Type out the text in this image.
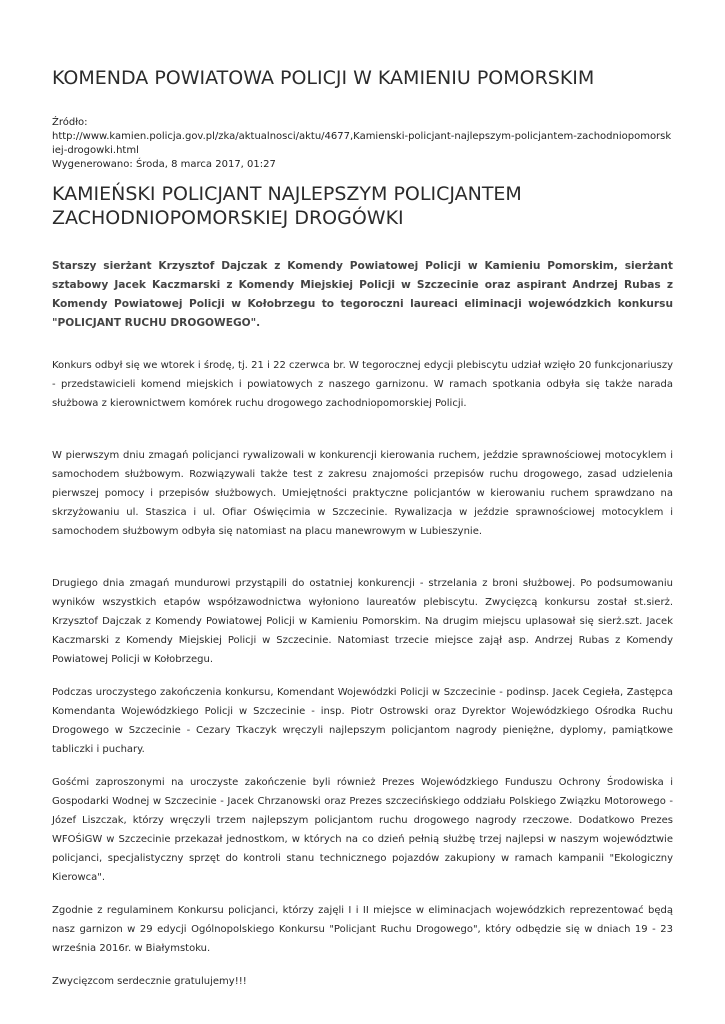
KOMENDA POWIATOWA POLICJI W KAMIENIU POMORSKIM
Źródło:
http://www.kamien.policja.gov.pl/zka/aktualnosci/aktu/4677,Kamienski-policjant-najlepszym-policjantem-zachodniopomorskiej-drogowki.html
Wygenerowano: Środa, 8 marca 2017, 01:27
KAMIEŃSKI POLICJANT NAJLEPSZYM POLICJANTEM ZACHODNIOPOMORSKIEJ DROGÓWKI

Starszy sierżant Krzysztof Dajczak z Komendy Powiatowej Policji w Kamieniu Pomorskim, sierżant sztabowy Jacek Kaczmarski z Komendy Miejskiej Policji w Szczecinie oraz aspirant Andrzej Rubas z Komendy Powiatowej Policji w Kołobrzegu to tegoroczni laureaci eliminacji wojewódzkich konkursu "POLICJANT RUCHU DROGOWEGO".

Konkurs odbył się we wtorek i środę, tj. 21 i 22 czerwca br. W tegorocznej edycji plebiscytu udział wzięło 20 funkcjonariuszy - przedstawicieli komend miejskich i powiatowych z naszego garnizonu. W ramach spotkania odbyła się także narada służbowa z kierownictwem komórek ruchu drogowego zachodniopomorskiej Policji.

W pierwszym dniu zmagań policjanci rywalizowali w konkurencji kierowania ruchem, jeździe sprawnościowej motocyklem i samochodem służbowym. Rozwiązywali także test z zakresu znajomości przepisów ruchu drogowego, zasad udzielenia pierwszej pomocy i przepisów służbowych. Umiejętności praktyczne policjantów w kierowaniu ruchem sprawdzano na skrzyżowaniu ul. Staszica i ul. Ofiar Oświęcimia w Szczecinie. Rywalizacja w jeździe sprawnościowej motocyklem i samochodem służbowym odbyła się natomiast na placu manewrowym w Lubieszynie.

Drugiego dnia zmagań mundurowi przystąpili do ostatniej konkurencji - strzelania z broni służbowej. Po podsumowaniu wyników wszystkich etapów współzawodnictwa wyłoniono laureatów plebiscytu. Zwycięzcą konkursu został st.sierż. Krzysztof Dajczak z Komendy Powiatowej Policji w Kamieniu Pomorskim. Na drugim miejscu uplasował się sierż.szt. Jacek Kaczmarski z Komendy Miejskiej Policji w Szczecinie. Natomiast trzecie miejsce zajął asp. Andrzej Rubas z Komendy Powiatowej Policji w Kołobrzegu.

Podczas uroczystego zakończenia konkursu, Komendant Wojewódzki Policji w Szczecinie - podinsp. Jacek Cegieła, Zastępca Komendanta Wojewódzkiego Policji w Szczecinie - insp. Piotr Ostrowski oraz Dyrektor Wojewódzkiego Ośrodka Ruchu Drogowego w Szczecinie - Cezary Tkaczyk wręczyli najlepszym policjantom nagrody pieniężne, dyplomy, pamiątkowe tabliczki i puchary.

Gośćmi zaproszonymi na uroczyste zakończenie byli również Prezes Wojewódzkiego Funduszu Ochrony Środowiska i Gospodarki Wodnej w Szczecinie - Jacek Chrzanowski oraz Prezes szczecińskiego oddziału Polskiego Związku Motorowego - Józef Liszczak, którzy wręczyli trzem najlepszym policjantom ruchu drogowego nagrody rzeczowe. Dodatkowo Prezes WFOŚiGW w Szczecinie przekazał jednostkom, w których na co dzień pełnią służbę trzej najlepsi w naszym województwie policjanci, specjalistyczny sprzęt do kontroli stanu technicznego pojazdów zakupiony w ramach kampanii "Ekologiczny Kierowca".

Zgodnie z regulaminem Konkursu policjanci, którzy zajęli I i II miejsce w eliminacjach wojewódzkich reprezentować będą nasz garnizon w 29 edycji Ogólnopolskiego Konkursu "Policjant Ruchu Drogowego", który odbędzie się w dniach 19 - 23 września 2016r. w Białymstoku.

Zwycięzcom serdecznie gratulujemy!!!
